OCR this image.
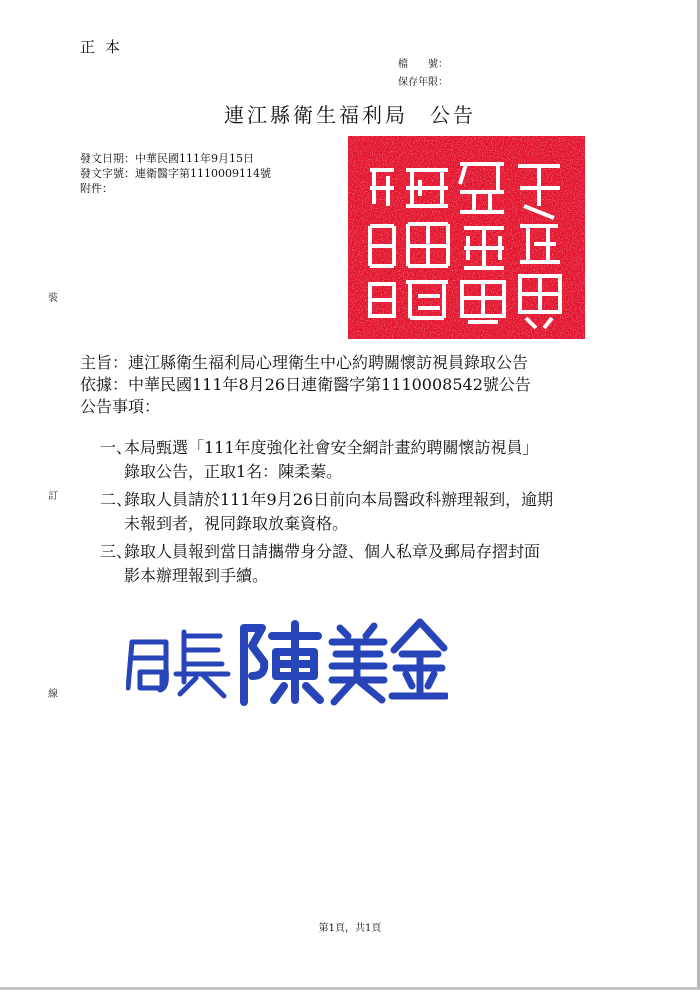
正本
檔　　號：
保存年限：
連江縣衛生福利局 公告
發文日期：中華民國111年9月15日
發文字號：連衛醫字第1110009114號
附件：
裝
訂
線
主旨：連江縣衛生福利局心理衛生中心約聘關懷訪視員錄取公告
依據：中華民國111年8月26日連衛醫字第1110008542號公告
公告事項：
一、
本局甄選「111年度強化社會安全網計畫約聘關懷訪視員」
錄取公告，正取1名：陳柔蓁。
二、
錄取人員請於111年9月26日前向本局醫政科辦理報到，逾期
未報到者，視同錄取放棄資格。
三、
錄取人員報到當日請攜帶身分證、個人私章及郵局存摺封面
影本辦理報到手續。
第1頁，共1頁
